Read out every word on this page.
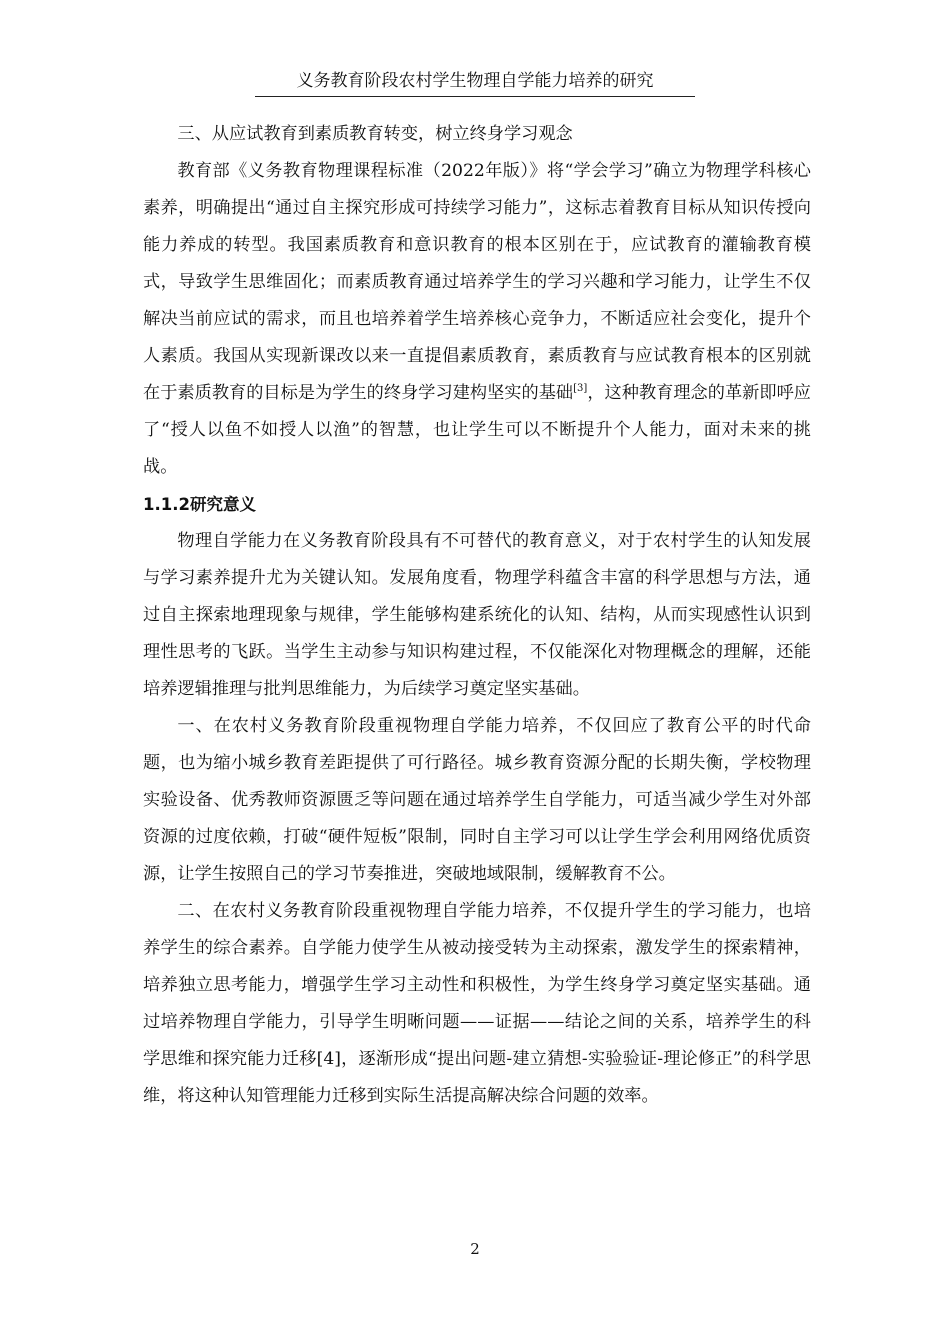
义务教育阶段农村学生物理自学能力培养的研究

三、从应试教育到素质教育转变，树立终身学习观念

教育部《义务教育物理课程标准（2022年版）》将“学会学习”确立为物理学科核心素养，明确提出“通过自主探究形成可持续学习能力”，这标志着教育目标从知识传授向能力养成的转型。我国素质教育和意识教育的根本区别在于，应试教育的灌输教育模式，导致学生思维固化；而素质教育通过培养学生的学习兴趣和学习能力，让学生不仅解决当前应试的需求，而且也培养着学生培养核心竞争力，不断适应社会变化，提升个人素质。我国从实现新课改以来一直提倡素质教育，素质教育与应试教育根本的区别就在于素质教育的目标是为学生的终身学习建构坚实的基础[3]，这种教育理念的革新即呼应了“授人以鱼不如授人以渔”的智慧，也让学生可以不断提升个人能力，面对未来的挑战。

1.1.2研究意义

物理自学能力在义务教育阶段具有不可替代的教育意义，对于农村学生的认知发展与学习素养提升尤为关键认知。发展角度看，物理学科蕴含丰富的科学思想与方法，通过自主探索地理现象与规律，学生能够构建系统化的认知、结构，从而实现感性认识到理性思考的飞跃。当学生主动参与知识构建过程，不仅能深化对物理概念的理解，还能培养逻辑推理与批判思维能力，为后续学习奠定坚实基础。

一、在农村义务教育阶段重视物理自学能力培养，不仅回应了教育公平的时代命题，也为缩小城乡教育差距提供了可行路径。城乡教育资源分配的长期失衡，学校物理实验设备、优秀教师资源匮乏等问题在通过培养学生自学能力，可适当减少学生对外部资源的过度依赖，打破“硬件短板”限制，同时自主学习可以让学生学会利用网络优质资源，让学生按照自己的学习节奏推进，突破地域限制，缓解教育不公。

二、在农村义务教育阶段重视物理自学能力培养，不仅提升学生的学习能力，也培养学生的综合素养。自学能力使学生从被动接受转为主动探索，激发学生的探索精神，培养独立思考能力，增强学生学习主动性和积极性，为学生终身学习奠定坚实基础。通过培养物理自学能力，引导学生明晰问题——证据——结论之间的关系，培养学生的科学思维和探究能力迁移[4]，逐渐形成“提出问题-建立猜想-实验验证-理论修正”的科学思维，将这种认知管理能力迁移到实际生活提高解决综合问题的效率。

2
